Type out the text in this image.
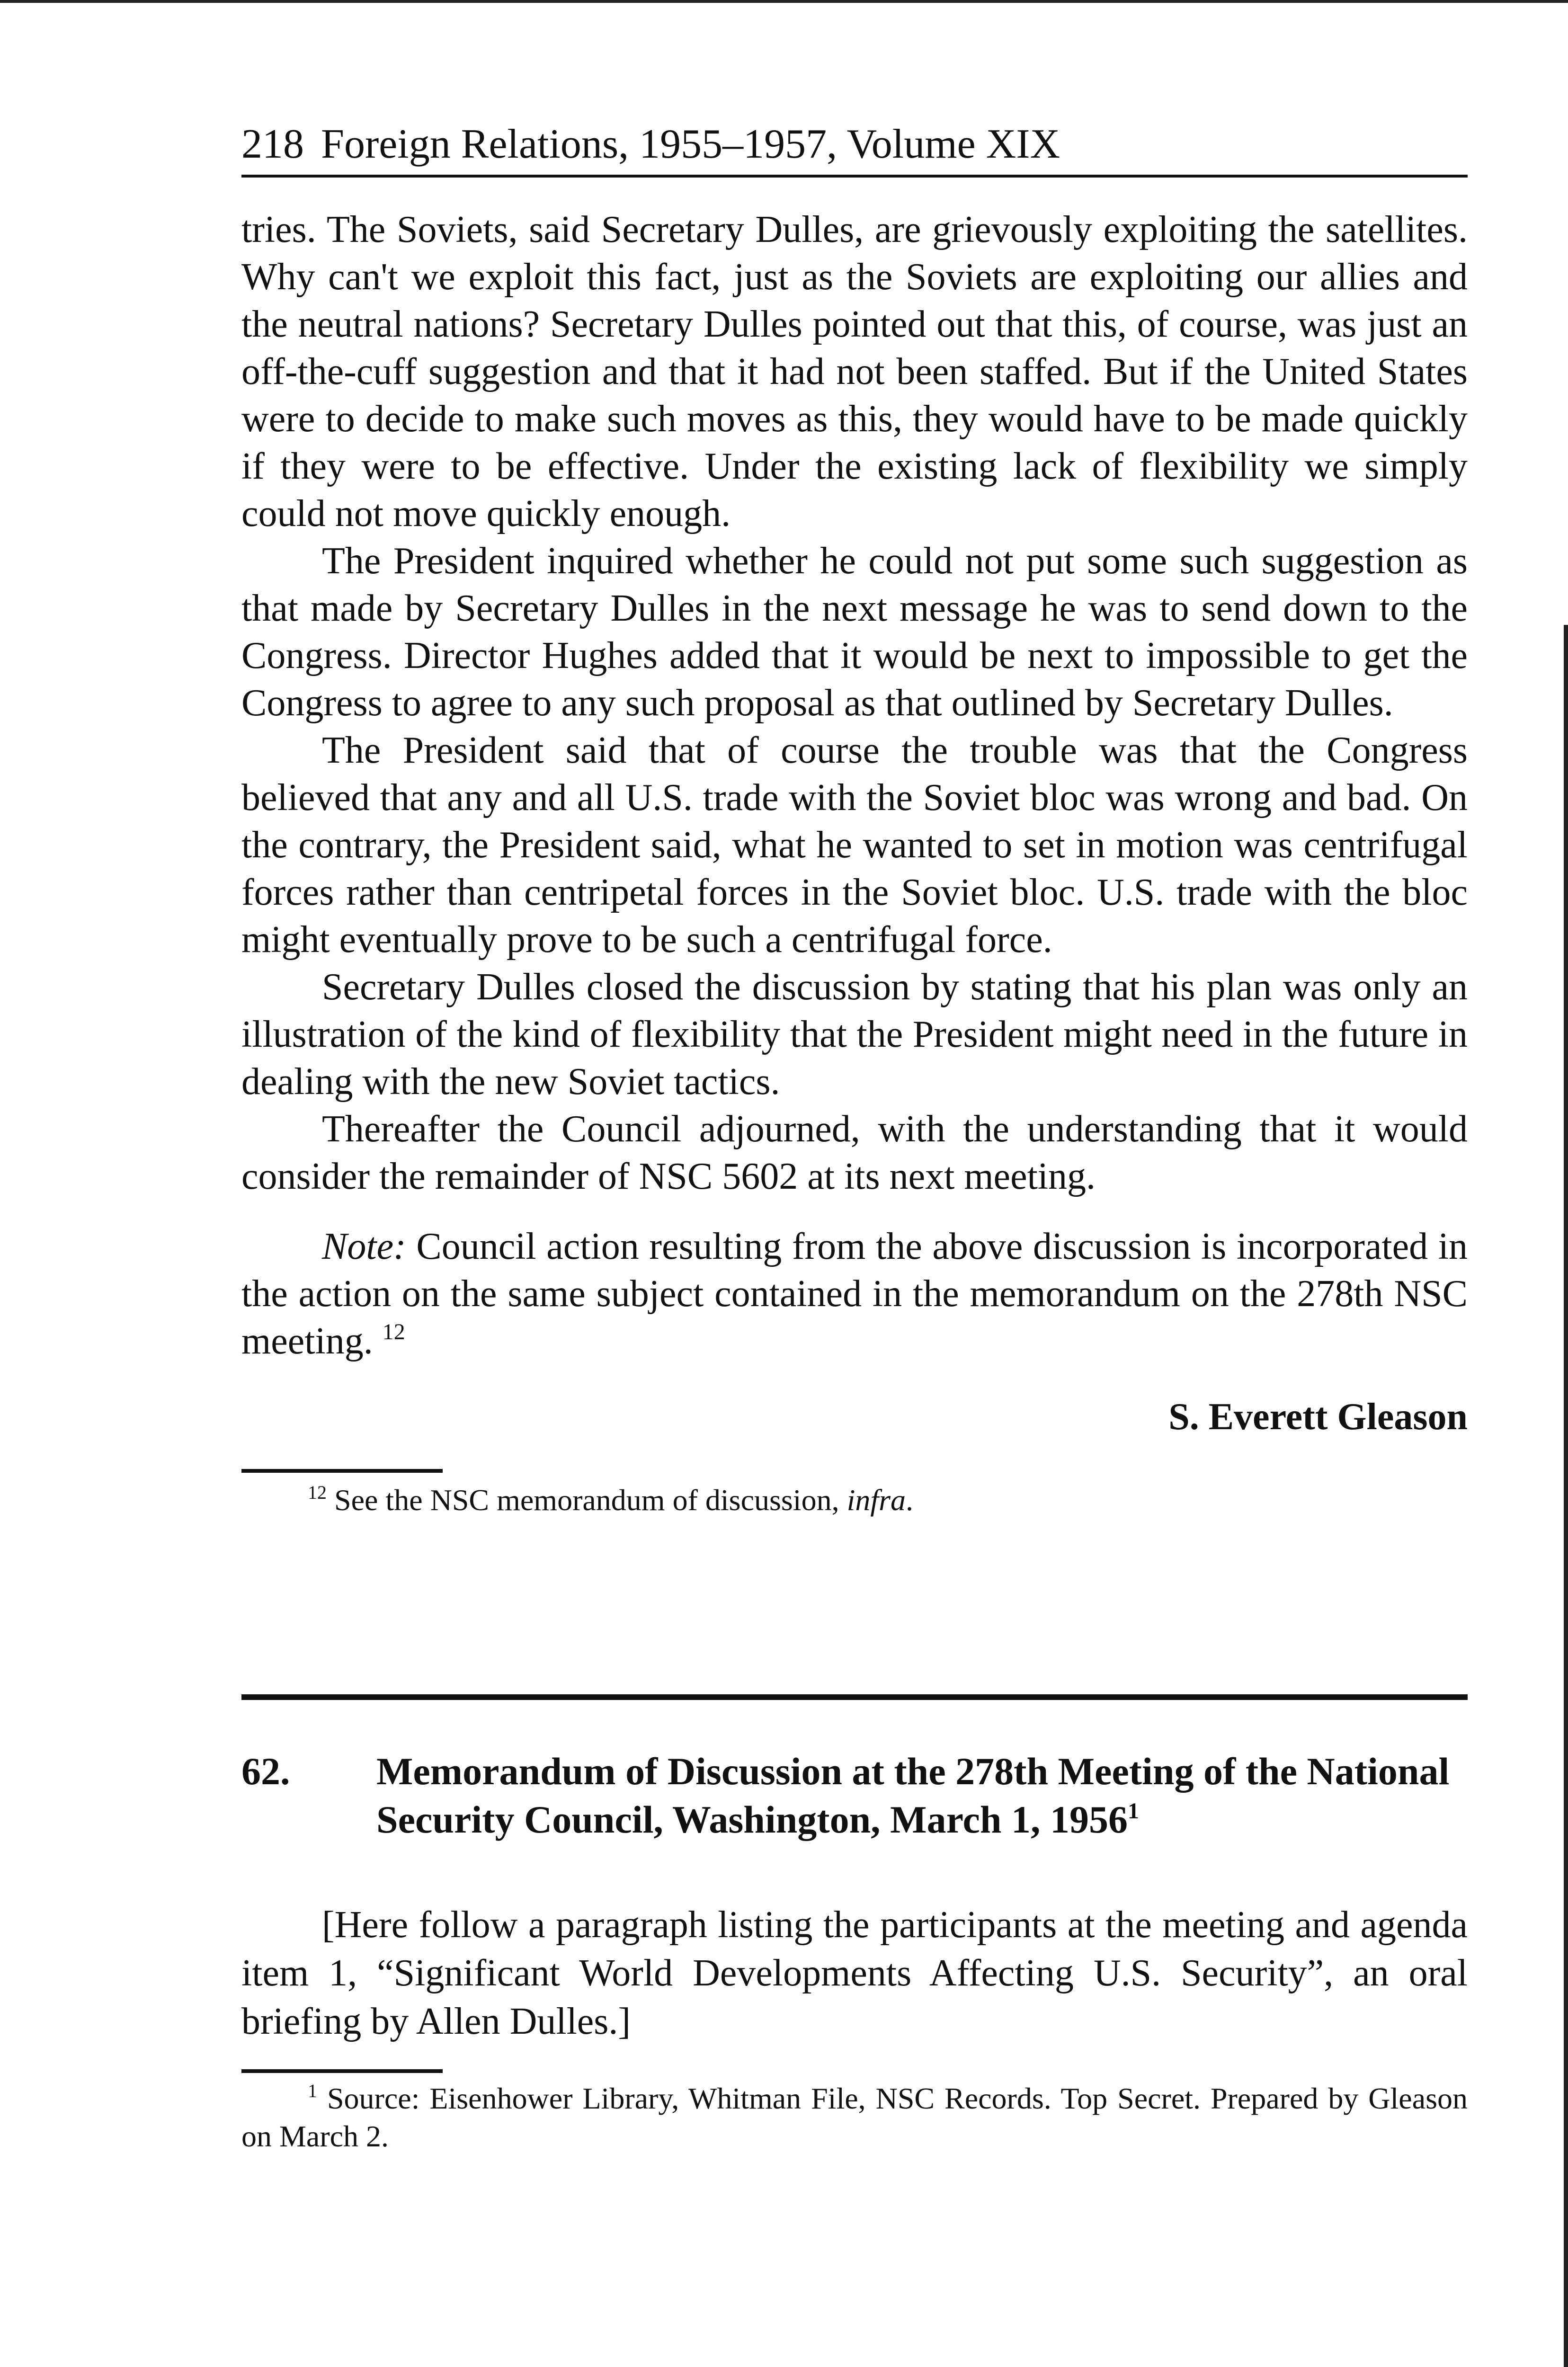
218 Foreign Relations, 1955–1957, Volume XIX

tries. The Soviets, said Secretary Dulles, are grievously exploiting the satellites. Why can't we exploit this fact, just as the Soviets are exploiting our allies and the neutral nations? Secretary Dulles pointed out that this, of course, was just an off-the-cuff suggestion and that it had not been staffed. But if the United States were to decide to make such moves as this, they would have to be made quickly if they were to be effective. Under the existing lack of flexibility we simply could not move quickly enough.

The President inquired whether he could not put some such suggestion as that made by Secretary Dulles in the next message he was to send down to the Congress. Director Hughes added that it would be next to impossible to get the Congress to agree to any such proposal as that outlined by Secretary Dulles.

The President said that of course the trouble was that the Congress believed that any and all U.S. trade with the Soviet bloc was wrong and bad. On the contrary, the President said, what he wanted to set in motion was centrifugal forces rather than centripetal forces in the Soviet bloc. U.S. trade with the bloc might eventually prove to be such a centrifugal force.

Secretary Dulles closed the discussion by stating that his plan was only an illustration of the kind of flexibility that the President might need in the future in dealing with the new Soviet tactics.

Thereafter the Council adjourned, with the understanding that it would consider the remainder of NSC 5602 at its next meeting.

Note: Council action resulting from the above discussion is incorporated in the action on the same subject contained in the memorandum on the 278th NSC meeting. $^{12}$

S. Everett Gleason
$^{12}$ See the NSC memorandum of discussion, infra.
62.	Memorandum of Discussion at the 278th Meeting of the National Security Council, Washington, March 1, 1956$^1$
[Here follow a paragraph listing the participants at the meeting and agenda item 1, “Significant World Developments Affecting U.S. Security”, an oral briefing by Allen Dulles.]
$^1$ Source: Eisenhower Library, Whitman File, NSC Records. Top Secret. Prepared by Gleason on March 2.
